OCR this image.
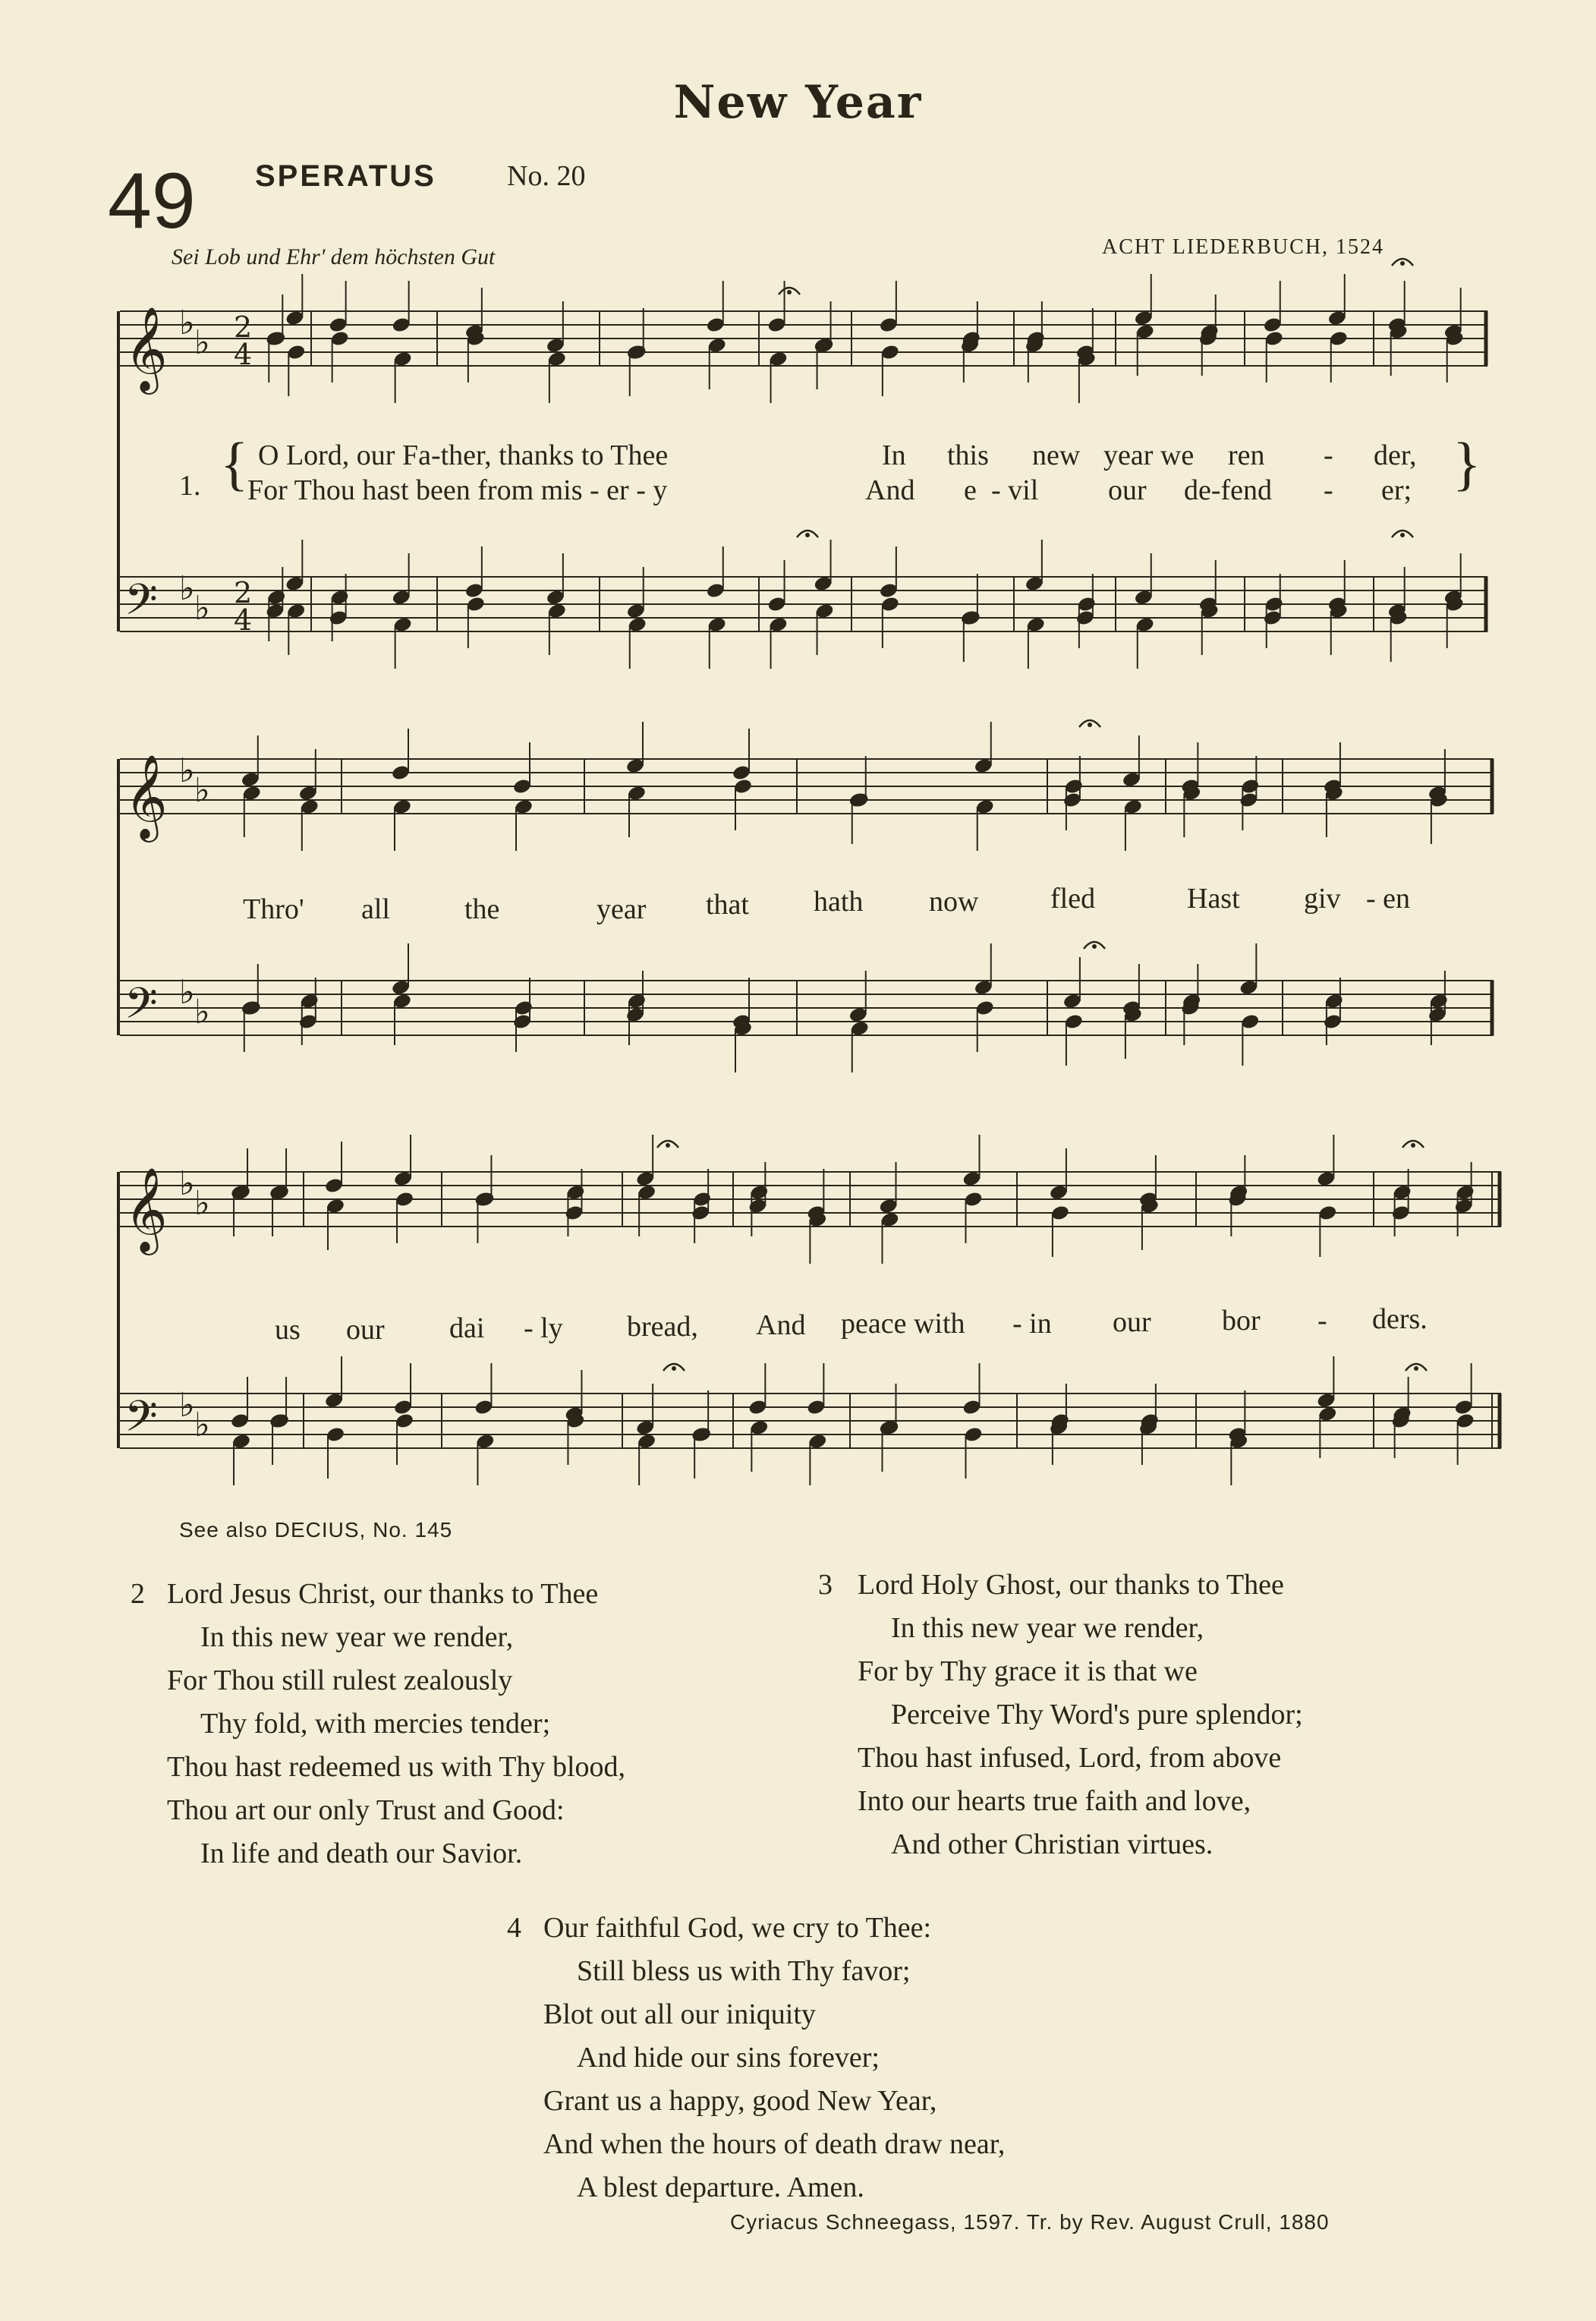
New Year
49 SPERATUS No. 20
Sei Lob und Ehr' dem höchsten Gut	ACHT LIEDERBUCH, 1524
𝄞 ♭
♭ 2
4
𝄢 ♭
♭ 2
4
𝄞 ♭
♭
𝄢 ♭
♭
𝄞 ♭
♭
𝄢 ♭
♭
1. { O Lord, our Fa-ther, thanks to Thee	In this new year we ren - der,
For Thou hast been from mis - er - y	And e - vil our de-fend - er; }
Thro' all	the	year that hath now fled	Hast giv - en
us our dai - ly bread, And peace with - in our bor - ders.
See also DECIUS, No. 145
2 Lord Jesus Christ, our thanks to Thee
In this new year we render,
For Thou still rulest zealously
Thy fold, with mercies tender;
Thou hast redeemed us with Thy blood,
Thou art our only Trust and Good:
In life and death our Savior.
3 Lord Holy Ghost, our thanks to Thee
In this new year we render,
For by Thy grace it is that we
Perceive Thy Word's pure splendor;
Thou hast infused, Lord, from above
Into our hearts true faith and love,
And other Christian virtues.
4 Our faithful God, we cry to Thee:
Still bless us with Thy favor;
Blot out all our iniquity
And hide our sins forever;
Grant us a happy, good New Year,
And when the hours of death draw near,
A blest departure. Amen.
Cyriacus Schneegass, 1597. Tr. by Rev. August Crull, 1880
